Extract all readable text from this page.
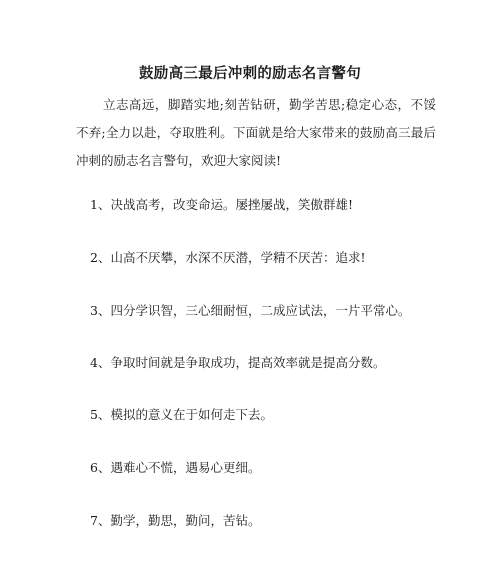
鼓励高三最后冲刺的励志名言警句

立志高远，脚踏实地;刻苦钻研，勤学苦思;稳定心态，不馁不弃;全力以赴，夺取胜利。下面就是给大家带来的鼓励高三最后冲刺的励志名言警句，欢迎大家阅读!

1、决战高考，改变命运。屡挫屡战，笑傲群雄!

2、山高不厌攀，水深不厌潜，学精不厌苦：追求!

3、四分学识智，三心细耐恒，二成应试法，一片平常心。

4、争取时间就是争取成功，提高效率就是提高分数。

5、模拟的意义在于如何走下去。

6、遇难心不慌，遇易心更细。

7、勤学，勤思，勤问，苦钻。
